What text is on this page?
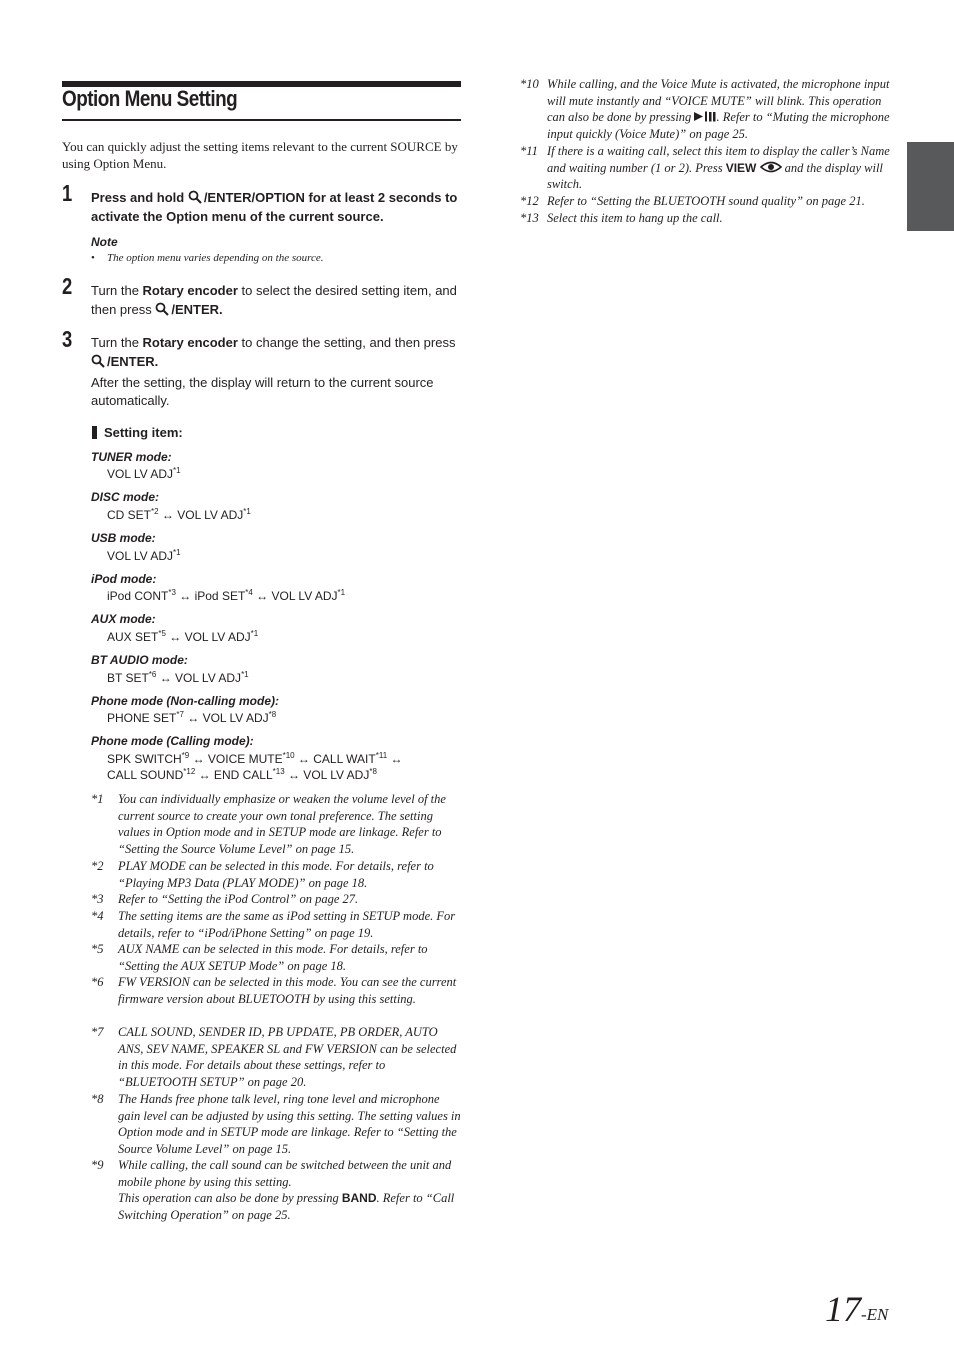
Option Menu Setting
You can quickly adjust the setting items relevant to the current SOURCE by using Option Menu.
1 Press and hold /ENTER/OPTION for at least 2 seconds to activate the Option menu of the current source.
Note
• The option menu varies depending on the source.
2 Turn the Rotary encoder to select the desired setting item, and then press /ENTER.
3 Turn the Rotary encoder to change the setting, and then press /ENTER.
After the setting, the display will return to the current source automatically.
Setting item:
TUNER mode:
VOL LV ADJ$^{*1}$
DISC mode:
CD SET$^{*2}$ ↔ VOL LV ADJ$^{*1}$
USB mode:
VOL LV ADJ$^{*1}$
iPod mode:
iPod CONT$^{*3}$ ↔ iPod SET$^{*4}$ ↔ VOL LV ADJ$^{*1}$
AUX mode:
AUX SET$^{*5}$ ↔ VOL LV ADJ$^{*1}$
BT AUDIO mode:
BT SET$^{*6}$ ↔ VOL LV ADJ$^{*1}$
Phone mode (Non-calling mode):
PHONE SET$^{*7}$ ↔ VOL LV ADJ$^{*8}$
Phone mode (Calling mode):
SPK SWITCH$^{*9}$ ↔ VOICE MUTE$^{*10}$ ↔ CALL WAIT$^{*11}$ ↔
CALL SOUND$^{*12}$ ↔ END CALL$^{*13}$ ↔ VOL LV ADJ$^{*8}$
*1 You can individually emphasize or weaken the volume level of the current source to create your own tonal preference. The setting values in Option mode and in SETUP mode are linkage. Refer to “Setting the Source Volume Level” on page 15.
*2 PLAY MODE can be selected in this mode. For details, refer to “Playing MP3 Data (PLAY MODE)” on page 18.
*3 Refer to “Setting the iPod Control” on page 27.
*4 The setting items are the same as iPod setting in SETUP mode. For details, refer to “iPod/iPhone Setting” on page 19.
*5 AUX NAME can be selected in this mode. For details, refer to “Setting the AUX SETUP Mode” on page 18.
*6 FW VERSION can be selected in this mode. You can see the current firmware version about BLUETOOTH by using this setting.
*7 CALL SOUND, SENDER ID, PB UPDATE, PB ORDER, AUTO ANS, SEV NAME, SPEAKER SL and FW VERSION can be selected in this mode. For details about these settings, refer to “BLUETOOTH SETUP” on page 20.
*8 The Hands free phone talk level, ring tone level and microphone gain level can be adjusted by using this setting. The setting values in Option mode and in SETUP mode are linkage. Refer to “Setting the Source Volume Level” on page 15.
*9 While calling, the call sound can be switched between the unit and mobile phone by using this setting.
This operation can also be done by pressing BAND. Refer to “Call Switching Operation” on page 25.
*10 While calling, and the Voice Mute is activated, the microphone input will mute instantly and “VOICE MUTE” will blink. This operation can also be done by pressing . Refer to “Muting the microphone input quickly (Voice Mute)” on page 25.
*11 If there is a waiting call, select this item to display the caller’s Name and waiting number (1 or 2). Press VIEW  and the display will switch.
*12 Refer to “Setting the BLUETOOTH sound quality” on page 21.
*13 Select this item to hang up the call.
17 -EN
